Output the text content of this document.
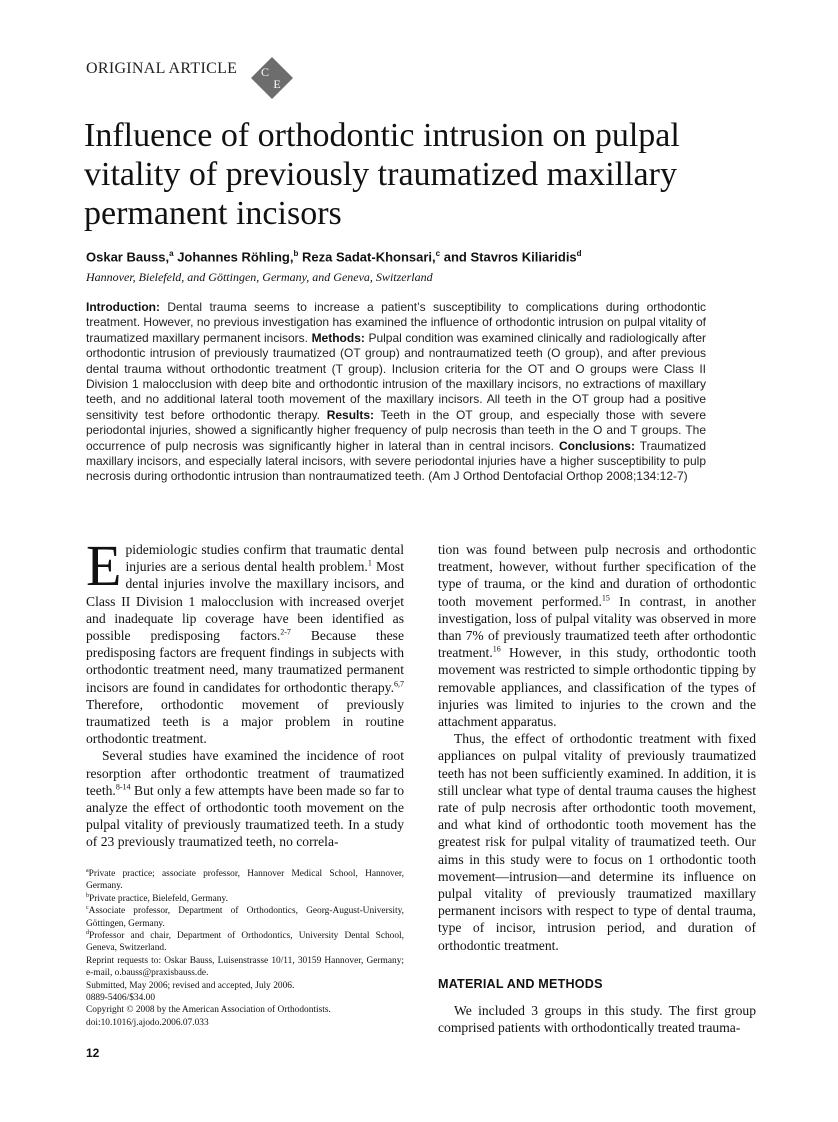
ORIGINAL ARTICLE C
E
Influence of orthodontic intrusion on pulpal vitality of previously traumatized maxillary permanent incisors
Oskar Bauss,$^a$ Johannes Röhling,$^b$ Reza Sadat-Khonsari,$^c$ and Stavros Kiliaridis$^d$
Hannover, Bielefeld, and Göttingen, Germany, and Geneva, Switzerland

Introduction: Dental trauma seems to increase a patient’s susceptibility to complications during orthodontic treatment. However, no previous investigation has examined the influence of orthodontic intrusion on pulpal vitality of traumatized maxillary permanent incisors. Methods: Pulpal condition was examined clinically and radiologically after orthodontic intrusion of previously traumatized (OT group) and nontraumatized teeth (O group), and after previous dental trauma without orthodontic treatment (T group). Inclusion criteria for the OT and O groups were Class II Division 1 malocclusion with deep bite and orthodontic intrusion of the maxillary incisors, no extractions of maxillary teeth, and no additional lateral tooth movement of the maxillary incisors. All teeth in the OT group had a positive sensitivity test before orthodontic therapy. Results: Teeth in the OT group, and especially those with severe periodontal injuries, showed a significantly higher frequency of pulp necrosis than teeth in the O and T groups. The occurrence of pulp necrosis was significantly higher in lateral than in central incisors. Conclusions: Traumatized maxillary incisors, and especially lateral incisors, with severe periodontal injuries have a higher susceptibility to pulp necrosis during orthodontic intrusion than nontraumatized teeth. (Am J Orthod Dentofacial Orthop 2008;134:12-7)

Epidemiologic studies confirm that traumatic dental injuries are a serious dental health problem.$^1$ Most dental injuries involve the maxillary incisors, and Class II Division 1 malocclusion with increased overjet and inadequate lip coverage have been identified as possible predisposing factors.$^{2-7}$ Because these predisposing factors are frequent findings in subjects with orthodontic treatment need, many traumatized permanent incisors are found in candidates for orthodontic therapy.$^{6,7}$ Therefore, orthodontic movement of previously traumatized teeth is a major problem in routine orthodontic treatment.

Several studies have examined the incidence of root resorption after orthodontic treatment of traumatized teeth.$^{8-14}$ But only a few attempts have been made so far to analyze the effect of orthodontic tooth movement on the pulpal vitality of previously traumatized teeth. In a study of 23 previously traumatized teeth, no correla-

$^a$Private practice; associate professor, Hannover Medical School, Hannover, Germany.
$^b$Private practice, Bielefeld, Germany.
$^c$Associate professor, Department of Orthodontics, Georg-August-University, Göttingen, Germany.
$^d$Professor and chair, Department of Orthodontics, University Dental School, Geneva, Switzerland.
Reprint requests to: Oskar Bauss, Luisenstrasse 10/11, 30159 Hannover, Germany; e-mail, o.bauss@praxisbauss.de.
Submitted, May 2006; revised and accepted, July 2006.
0889-5406/$34.00
Copyright © 2008 by the American Association of Orthodontists.
doi:10.1016/j.ajodo.2006.07.033

tion was found between pulp necrosis and orthodontic treatment, however, without further specification of the type of trauma, or the kind and duration of orthodontic tooth movement performed.$^{15}$ In contrast, in another investigation, loss of pulpal vitality was observed in more than 7% of previously traumatized teeth after orthodontic treatment.$^{16}$ However, in this study, orthodontic tooth movement was restricted to simple orthodontic tipping by removable appliances, and classification of the types of injuries was limited to injuries to the crown and the attachment apparatus.

Thus, the effect of orthodontic treatment with fixed appliances on pulpal vitality of previously traumatized teeth has not been sufficiently examined. In addition, it is still unclear what type of dental trauma causes the highest rate of pulp necrosis after orthodontic tooth movement, and what kind of orthodontic tooth movement has the greatest risk for pulpal vitality of traumatized teeth. Our aims in this study were to focus on 1 orthodontic tooth movement—intrusion—and determine its influence on pulpal vitality of previously traumatized maxillary permanent incisors with respect to type of dental trauma, type of incisor, intrusion period, and duration of orthodontic treatment.

MATERIAL AND METHODS

We included 3 groups in this study. The first group comprised patients with orthodontically treated trauma-

12
